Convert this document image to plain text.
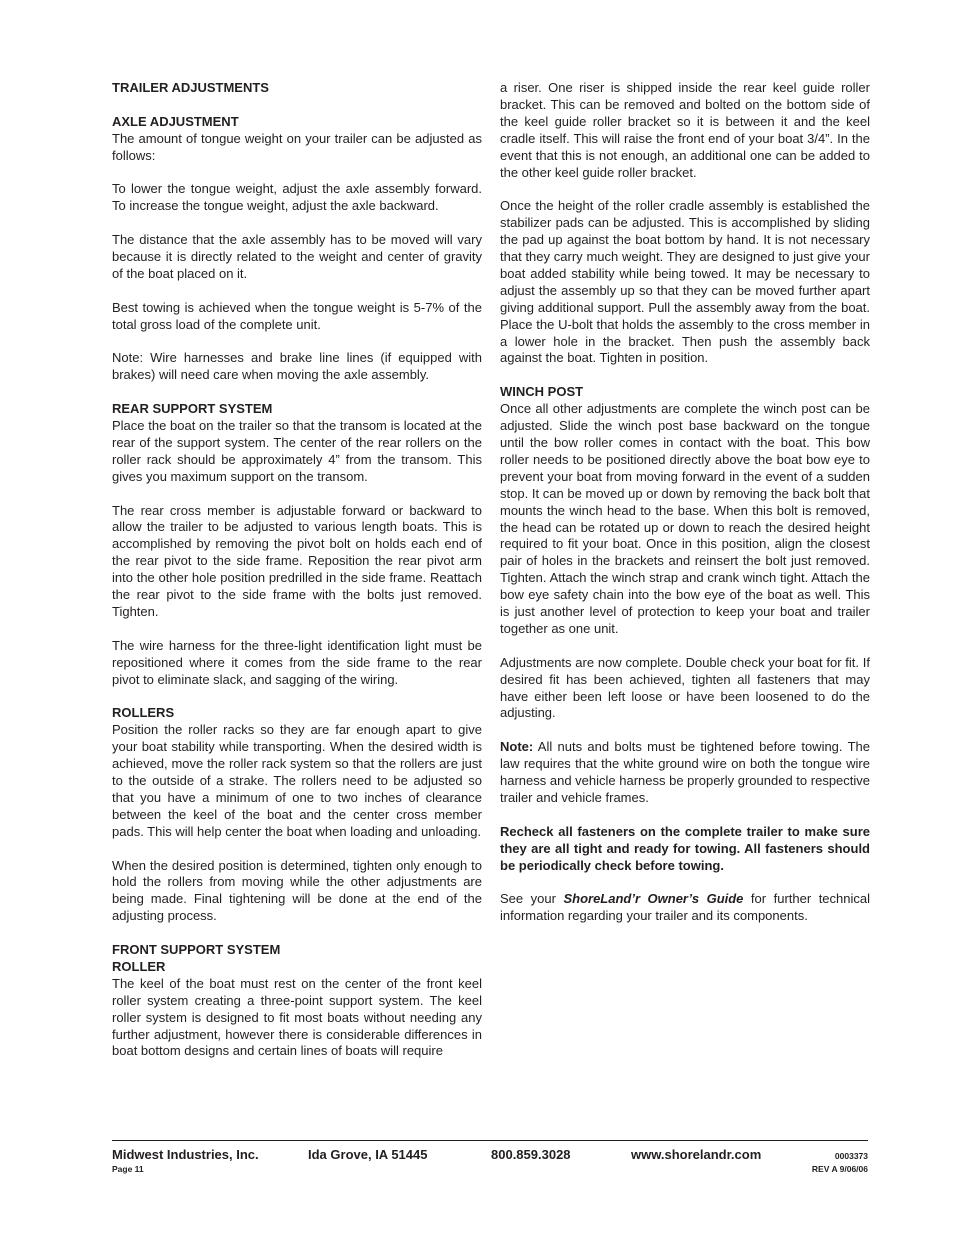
TRAILER ADJUSTMENTS
AXLE ADJUSTMENT

The amount of tongue weight on your trailer can be adjusted as follows:

To lower the tongue weight, adjust the axle assembly forward. To increase the tongue weight, adjust the axle backward.

The distance that the axle assembly has to be moved will vary because it is directly related to the weight and center of gravity of the boat placed on it.

Best towing is achieved when the tongue weight is 5-7% of the total gross load of the complete unit.

Note: Wire harnesses and brake line lines (if equipped with brakes) will need care when moving the axle assembly.

REAR SUPPORT SYSTEM

Place the boat on the trailer so that the transom is located at the rear of the support system. The center of the rear rollers on the roller rack should be approximately 4” from the transom. This gives you maximum support on the transom.

The rear cross member is adjustable forward or backward to allow the trailer to be adjusted to various length boats. This is accomplished by removing the pivot bolt on holds each end of the rear pivot to the side frame. Reposition the rear pivot arm into the other hole position predrilled in the side frame. Reattach the rear pivot to the side frame with the bolts just removed. Tighten.

The wire harness for the three-light identification light must be repositioned where it comes from the side frame to the rear pivot to eliminate slack, and sagging of the wiring.

ROLLERS

Position the roller racks so they are far enough apart to give your boat stability while transporting. When the desired width is achieved, move the roller rack system so that the rollers are just to the outside of a strake. The rollers need to be adjusted so that you have a minimum of one to two inches of clearance between the keel of the boat and the center cross member pads. This will help center the boat when loading and unloading.

When the desired position is determined, tighten only enough to hold the rollers from moving while the other adjustments are being made. Final tightening will be done at the end of the adjusting process.

FRONT SUPPORT SYSTEM
ROLLER

The keel of the boat must rest on the center of the front keel roller system creating a three-point support system. The keel roller system is designed to fit most boats without needing any further adjustment, however there is considerable differences in boat bottom designs and certain lines of boats will require

a riser. One riser is shipped inside the rear keel guide roller bracket. This can be removed and bolted on the bottom side of the keel guide roller bracket so it is between it and the keel cradle itself. This will raise the front end of your boat 3/4”. In the event that this is not enough, an additional one can be added to the other keel guide roller bracket.

Once the height of the roller cradle assembly is established the stabilizer pads can be adjusted. This is accomplished by sliding the pad up against the boat bottom by hand. It is not necessary that they carry much weight. They are designed to just give your boat added stability while being towed. It may be necessary to adjust the assembly up so that they can be moved further apart giving additional support. Pull the assembly away from the boat. Place the U-bolt that holds the assembly to the cross member in a lower hole in the bracket. Then push the assembly back against the boat. Tighten in position.

WINCH POST

Once all other adjustments are complete the winch post can be adjusted. Slide the winch post base backward on the tongue until the bow roller comes in contact with the boat. This bow roller needs to be positioned directly above the boat bow eye to prevent your boat from moving forward in the event of a sudden stop. It can be moved up or down by removing the back bolt that mounts the winch head to the base. When this bolt is removed, the head can be rotated up or down to reach the desired height required to fit your boat. Once in this position, align the closest pair of holes in the brackets and reinsert the bolt just removed. Tighten. Attach the winch strap and crank winch tight. Attach the bow eye safety chain into the bow eye of the boat as well. This is just another level of protection to keep your boat and trailer together as one unit.

Adjustments are now complete. Double check your boat for fit. If desired fit has been achieved, tighten all fasteners that may have either been left loose or have been loosened to do the adjusting.

Note: All nuts and bolts must be tightened before towing. The law requires that the white ground wire on both the tongue wire harness and vehicle harness be properly grounded to respective trailer and vehicle frames.

Recheck all fasteners on the complete trailer to make sure they are all tight and ready for towing. All fasteners should be periodically check before towing.

See your ShoreLand’r Owner’s Guide for further technical information regarding your trailer and its components.

Midwest Industries, Inc.	Ida Grove, IA 51445	800.859.3028	www.shorelandr.com
Page 11
0003373
REV A 9/06/06
